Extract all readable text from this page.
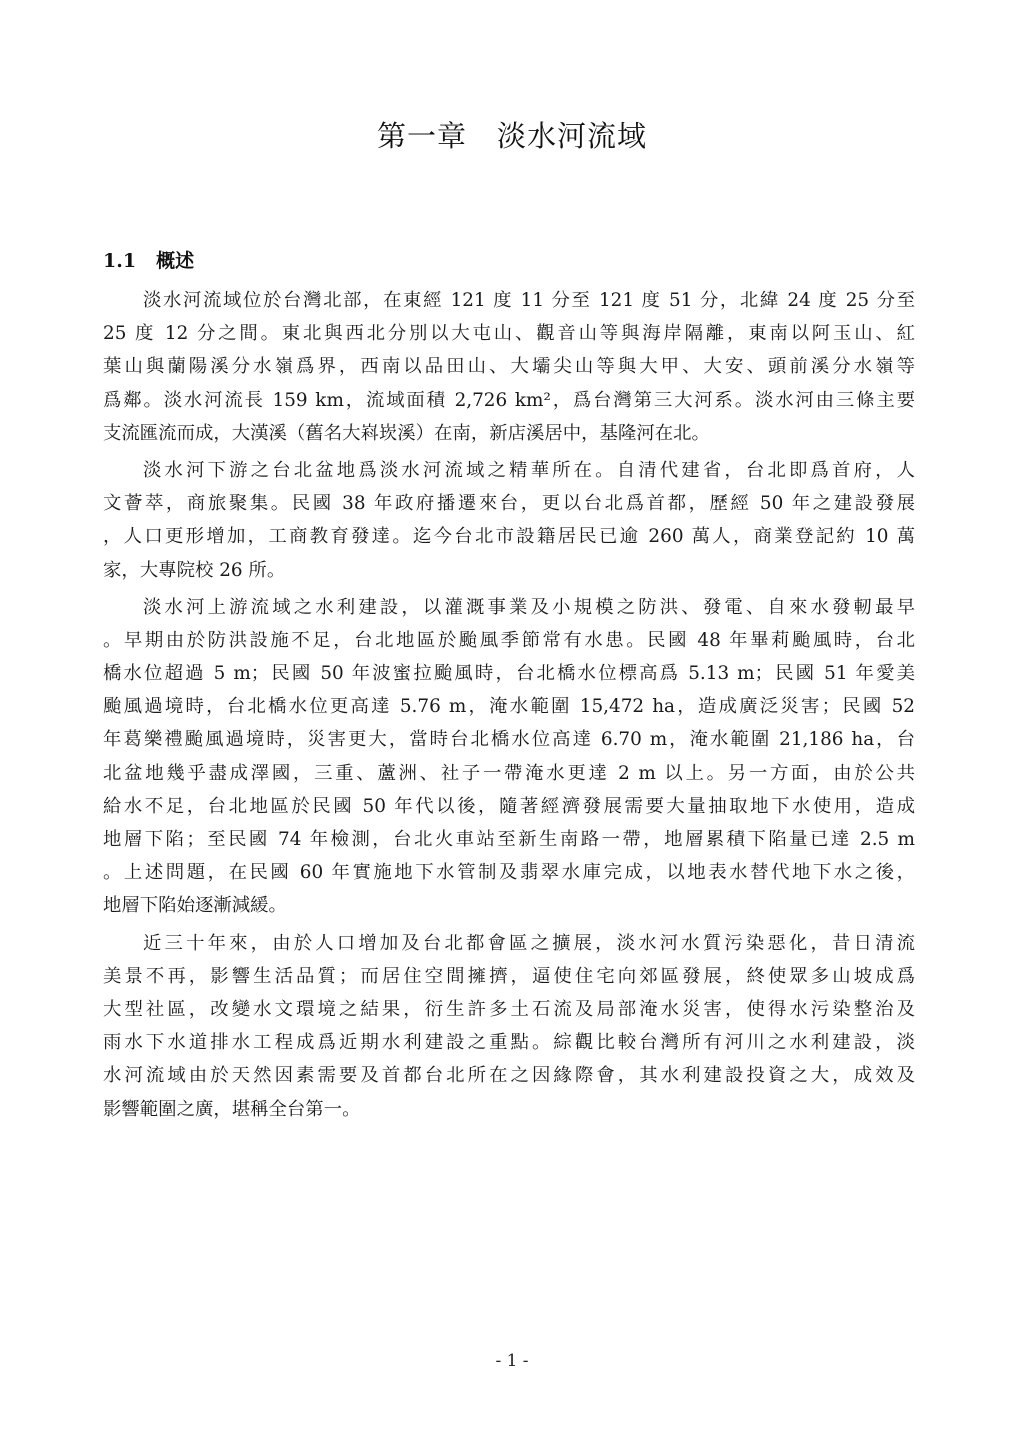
第一章 淡水河流域
1.1 概述

淡水河流域位於台灣北部，在東經 121 度 11 分至 121 度 51 分，北緯 24 度 25 分至
25 度 12 分之間。東北與西北分別以大屯山、觀音山等與海岸隔離，東南以阿玉山、紅
葉山與蘭陽溪分水嶺爲界，西南以品田山、大壩尖山等與大甲、大安、頭前溪分水嶺等
爲鄰。淡水河流長 159 km，流域面積 2,726 km²，爲台灣第三大河系。淡水河由三條主要
支流匯流而成，大漢溪（舊名大嵙崁溪）在南，新店溪居中，基隆河在北。

淡水河下游之台北盆地爲淡水河流域之精華所在。自清代建省，台北即爲首府，人
文薈萃，商旅聚集。民國 38 年政府播遷來台，更以台北爲首都，歷經 50 年之建設發展
，人口更形增加，工商教育發達。迄今台北市設籍居民已逾 260 萬人，商業登記約 10 萬
家，大專院校 26 所。

淡水河上游流域之水利建設，以灌溉事業及小規模之防洪、發電、自來水發軔最早
。早期由於防洪設施不足，台北地區於颱風季節常有水患。民國 48 年畢莉颱風時，台北
橋水位超過 5 m；民國 50 年波蜜拉颱風時，台北橋水位標高爲 5.13 m；民國 51 年愛美
颱風過境時，台北橋水位更高達 5.76 m，淹水範圍 15,472 ha，造成廣泛災害；民國 52
年葛樂禮颱風過境時，災害更大，當時台北橋水位高達 6.70 m，淹水範圍 21,186 ha，台
北盆地幾乎盡成澤國，三重、蘆洲、社子一帶淹水更達 2 m 以上。另一方面，由於公共
給水不足，台北地區於民國 50 年代以後，隨著經濟發展需要大量抽取地下水使用，造成
地層下陷；至民國 74 年檢測，台北火車站至新生南路一帶，地層累積下陷量已達 2.5 m
。上述問題，在民國 60 年實施地下水管制及翡翠水庫完成，以地表水替代地下水之後，
地層下陷始逐漸減緩。

近三十年來，由於人口增加及台北都會區之擴展，淡水河水質污染惡化，昔日清流
美景不再，影響生活品質；而居住空間擁擠，逼使住宅向郊區發展，終使眾多山坡成爲
大型社區，改變水文環境之結果，衍生許多土石流及局部淹水災害，使得水污染整治及
雨水下水道排水工程成爲近期水利建設之重點。綜觀比較台灣所有河川之水利建設，淡
水河流域由於天然因素需要及首都台北所在之因緣際會，其水利建設投資之大，成效及
影響範圍之廣，堪稱全台第一。

- 1 -
